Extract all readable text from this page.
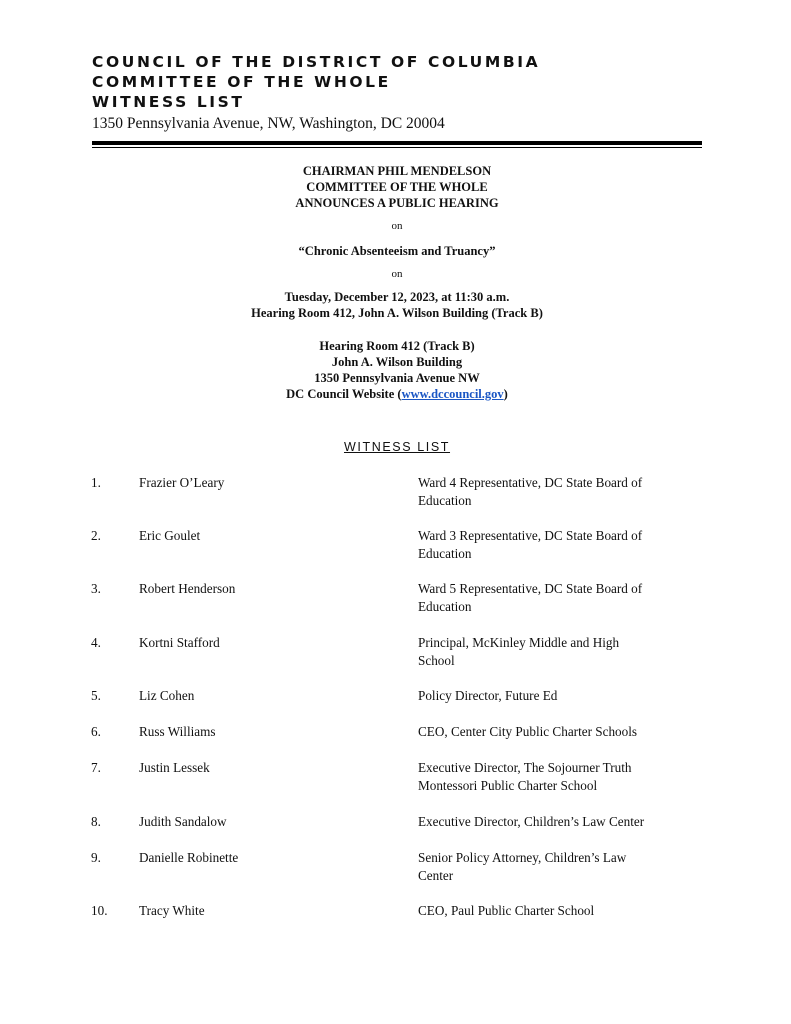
COUNCIL OF THE DISTRICT OF COLUMBIA
COMMITTEE OF THE WHOLE
WITNESS LIST
1350 Pennsylvania Avenue, NW, Washington, DC 20004
CHAIRMAN PHIL MENDELSON
COMMITTEE OF THE WHOLE
ANNOUNCES A PUBLIC HEARING
on
“Chronic Absenteeism and Truancy”
on
Tuesday, December 12, 2023, at 11:30 a.m.
Hearing Room 412, John A. Wilson Building (Track B)
Hearing Room 412 (Track B)
John A. Wilson Building
1350 Pennsylvania Avenue NW
DC Council Website (www.dccouncil.gov)
WITNESS LIST
1.	Frazier O’Leary	Ward 4 Representative, DC State Board of
Education
2.	Eric Goulet	Ward 3 Representative, DC State Board of
Education
3.	Robert Henderson	Ward 5 Representative, DC State Board of
Education
4.	Kortni Stafford	Principal, McKinley Middle and High
School
5.	Liz Cohen	Policy Director, Future Ed
6.	Russ Williams	CEO, Center City Public Charter Schools
7.	Justin Lessek	Executive Director, The Sojourner Truth
Montessori Public Charter School
8.	Judith Sandalow	Executive Director, Children’s Law Center
9.	Danielle Robinette	Senior Policy Attorney, Children’s Law
Center
10. Tracy White	CEO, Paul Public Charter School
